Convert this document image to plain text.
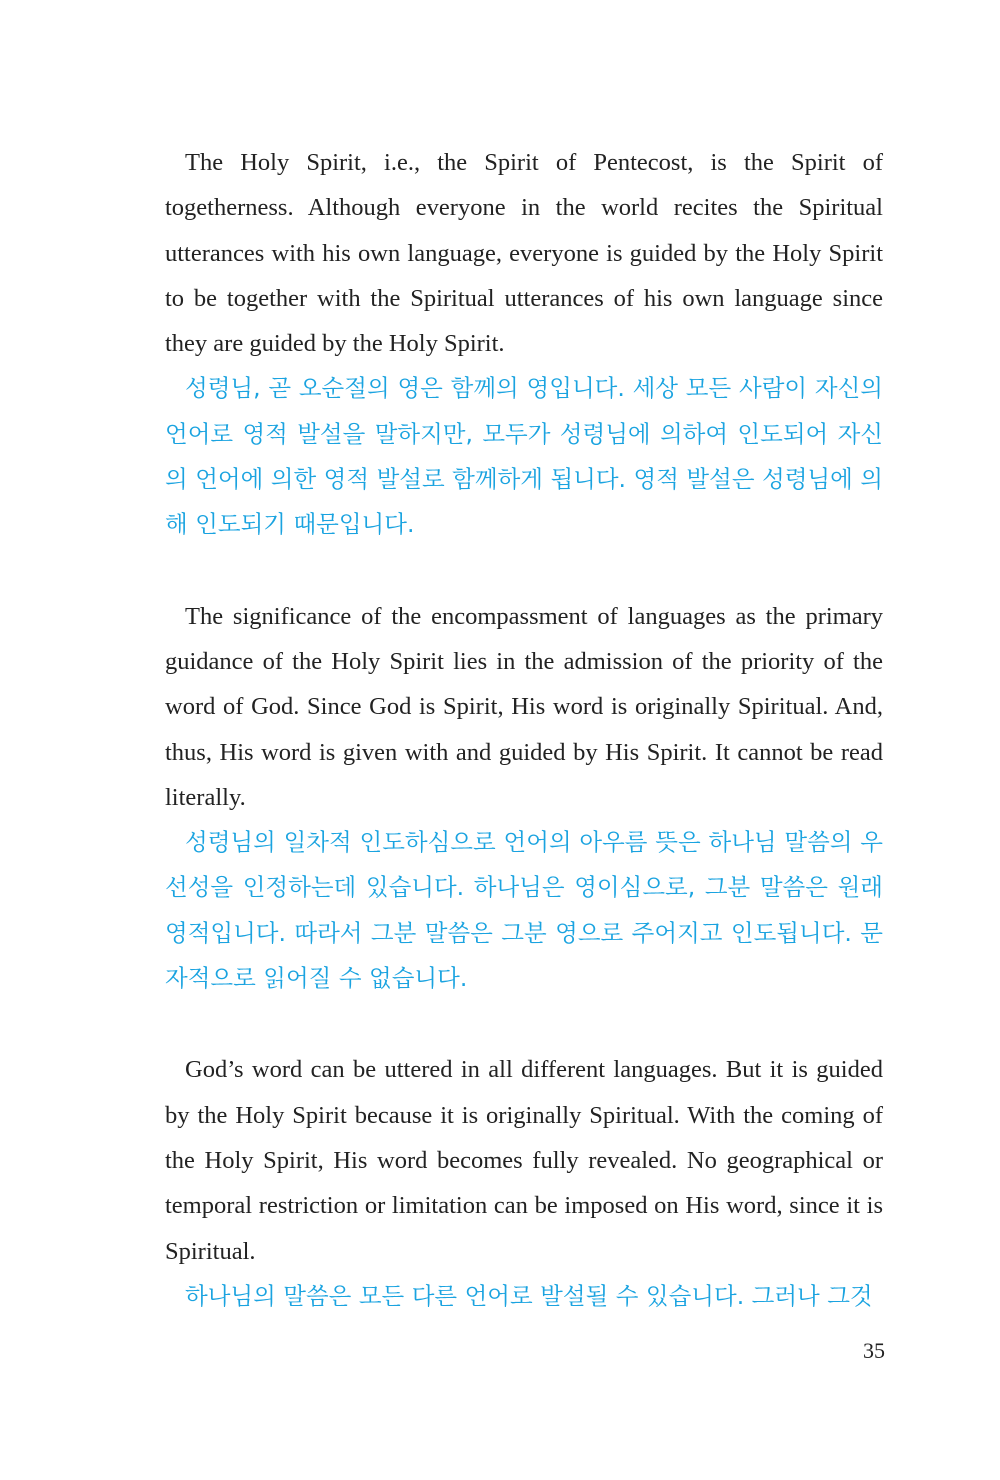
The Holy Spirit, i.e., the Spirit of Pentecost, is the Spirit of togetherness. Although everyone in the world recites the Spiritual utterances with his own language, everyone is guided by the Holy Spirit to be together with the Spiritual utterances of his own language since they are guided by the Holy Spirit.

성령님, 곧 오순절의 영은 함께의 영입니다. 세상 모든 사람이 자신의 언어로 영적 발설을 말하지만, 모두가 성령님에 의하여 인도되어 자신의 언어에 의한 영적 발설로 함께하게 됩니다. 영적 발설은 성령님에 의해 인도되기 때문입니다.

The significance of the encompassment of languages as the primary guidance of the Holy Spirit lies in the admission of the priority of the word of God. Since God is Spirit, His word is originally Spiritual. And, thus, His word is given with and guided by His Spirit. It cannot be read literally.

성령님의 일차적 인도하심으로 언어의 아우름 뜻은 하나님 말씀의 우선성을 인정하는데 있습니다. 하나님은 영이심으로, 그분 말씀은 원래 영적입니다. 따라서 그분 말씀은 그분 영으로 주어지고 인도됩니다. 문자적으로 읽어질 수 없습니다.

God’s word can be uttered in all different languages. But it is guided by the Holy Spirit because it is originally Spiritual. With the coming of the Holy Spirit, His word becomes fully revealed. No geographical or temporal restriction or limitation can be imposed on His word, since it is Spiritual.

하나님의 말씀은 모든 다른 언어로 발설될 수 있습니다. 그러나 그것

35
